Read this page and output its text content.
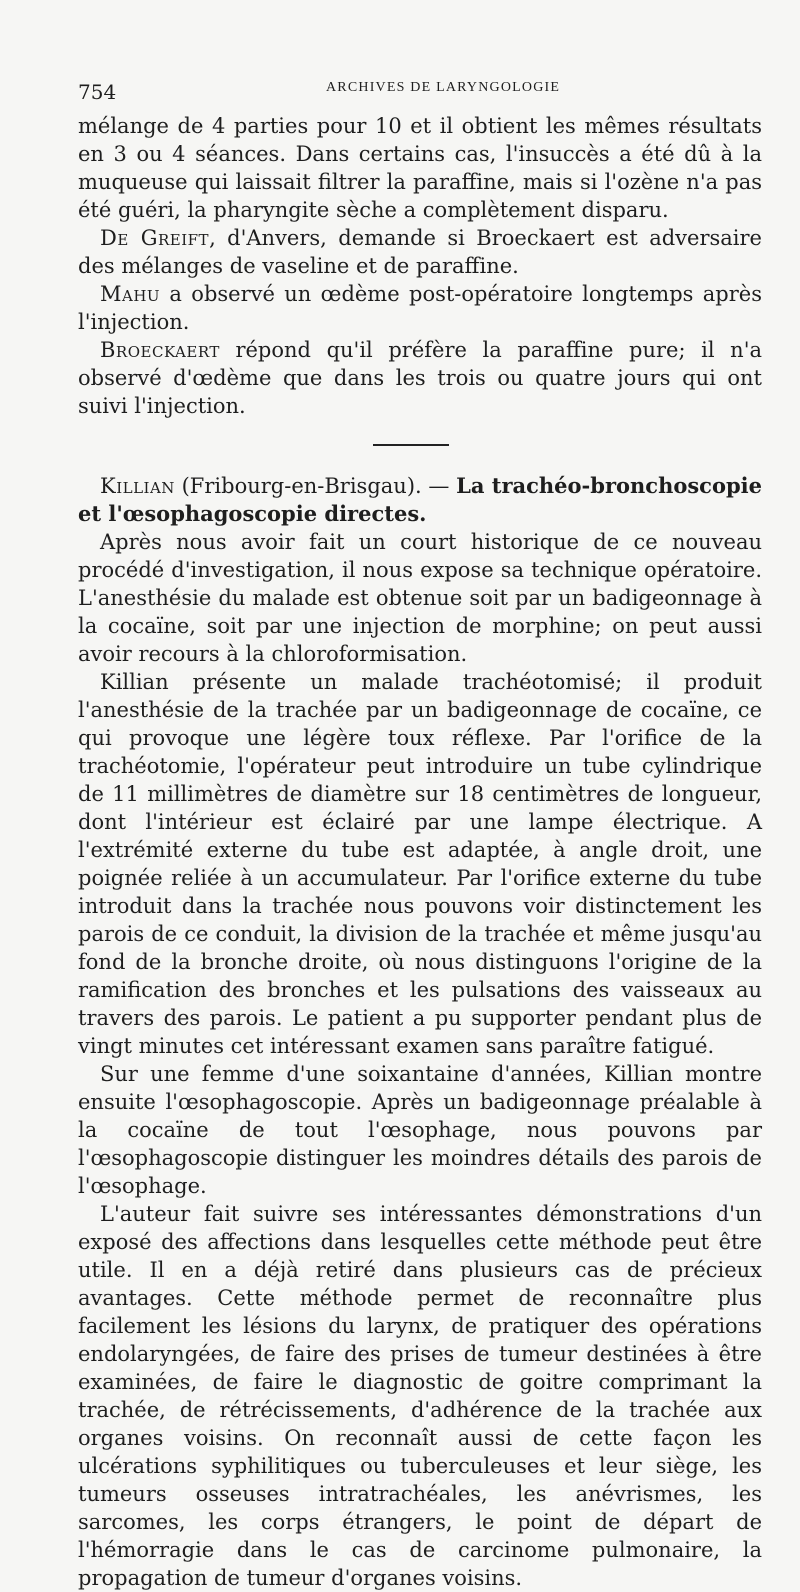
754	ARCHIVES DE LARYNGOLOGIE

mélange de 4 parties pour 10 et il obtient les mêmes résultats en 3 ou 4 séances. Dans certains cas, l'insuccès a été dû à la muqueuse qui laissait filtrer la paraffine, mais si l'ozène n'a pas été guéri, la pharyngite sèche a complètement disparu.

De Greift, d'Anvers, demande si Broeckaert est adversaire des mélanges de vaseline et de paraffine.

Mahu a observé un œdème post-opératoire longtemps après l'injection.

Broeckaert répond qu'il préfère la paraffine pure; il n'a observé d'œdème que dans les trois ou quatre jours qui ont suivi l'injection.

Killian (Fribourg-en-Brisgau). — La trachéo-bronchoscopie et l'œsophagoscopie directes.

Après nous avoir fait un court historique de ce nouveau procédé d'investigation, il nous expose sa technique opératoire. L'anesthésie du malade est obtenue soit par un badigeonnage à la cocaïne, soit par une injection de morphine; on peut aussi avoir recours à la chloroformisation.

Killian présente un malade trachéotomisé; il produit l'anesthésie de la trachée par un badigeonnage de cocaïne, ce qui provoque une légère toux réflexe. Par l'orifice de la trachéotomie, l'opérateur peut introduire un tube cylindrique de 11 millimètres de diamètre sur 18 centimètres de longueur, dont l'intérieur est éclairé par une lampe électrique. A l'extrémité externe du tube est adaptée, à angle droit, une poignée reliée à un accumulateur. Par l'orifice externe du tube introduit dans la trachée nous pouvons voir distinctement les parois de ce conduit, la division de la trachée et même jusqu'au fond de la bronche droite, où nous distinguons l'origine de la ramification des bronches et les pulsations des vaisseaux au travers des parois. Le patient a pu supporter pendant plus de vingt minutes cet intéressant examen sans paraître fatigué.

Sur une femme d'une soixantaine d'années, Killian montre ensuite l'œsophagoscopie. Après un badigeonnage préalable à la cocaïne de tout l'œsophage, nous pouvons par l'œsophagoscopie distinguer les moindres détails des parois de l'œsophage.

L'auteur fait suivre ses intéressantes démonstrations d'un exposé des affections dans lesquelles cette méthode peut être utile. Il en a déjà retiré dans plusieurs cas de précieux avantages. Cette méthode permet de reconnaître plus facilement les lésions du larynx, de pratiquer des opérations endolaryngées, de faire des prises de tumeur destinées à être examinées, de faire le diagnostic de goitre comprimant la trachée, de rétrécissements, d'adhérence de la trachée aux organes voisins. On reconnaît aussi de cette façon les ulcérations syphilitiques ou tuberculeuses et leur siège, les tumeurs osseuses intratrachéales, les anévrismes, les sarcomes, les corps étrangers, le point de départ de l'hémorragie dans le cas de carcinome pulmonaire, la propagation de tumeur d'organes voisins.
